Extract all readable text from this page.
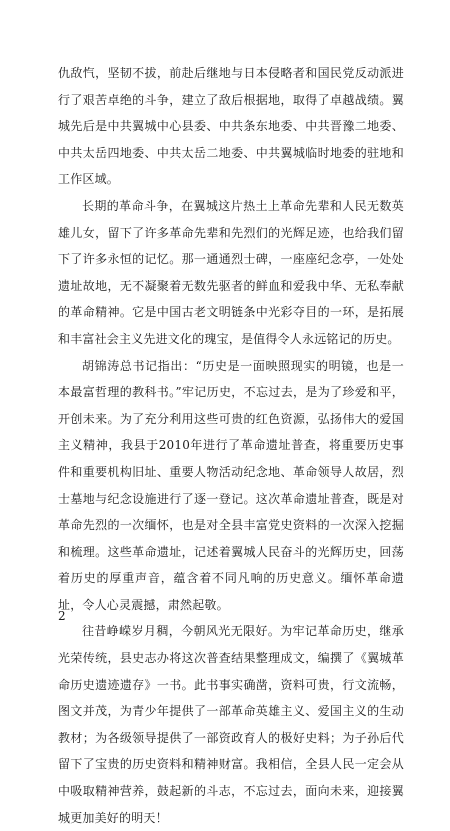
仇敌忾，坚韧不拔，前赴后继地与日本侵略者和国民党反动派进行了艰苦卓绝的斗争，建立了敌后根据地，取得了卓越战绩。翼城先后是中共翼城中心县委、中共条东地委、中共晋豫二地委、中共太岳四地委、中共太岳二地委、中共翼城临时地委的驻地和工作区域。

长期的革命斗争，在翼城这片热土上革命先辈和人民无数英雄儿女，留下了许多革命先辈和先烈们的光辉足迹，也给我们留下了许多永恒的记忆。那一通通烈士碑，一座座纪念亭，一处处遗址故地，无不凝聚着无数先驱者的鲜血和爱我中华、无私奉献的革命精神。它是中国古老文明链条中光彩夺目的一环，是拓展和丰富社会主义先进文化的瑰宝，是值得令人永远铭记的历史。

胡锦涛总书记指出：“历史是一面映照现实的明镜，也是一本最富哲理的教科书。”牢记历史，不忘过去，是为了珍爱和平，开创未来。为了充分利用这些可贵的红色资源，弘扬伟大的爱国主义精神，我县于2010年进行了革命遗址普查，将重要历史事件和重要机构旧址、重要人物活动纪念地、革命领导人故居，烈士墓地与纪念设施进行了逐一登记。这次革命遗址普查，既是对革命先烈的一次缅怀，也是对全县丰富党史资料的一次深入挖掘和梳理。这些革命遗址，记述着翼城人民奋斗的光辉历史，回荡着历史的厚重声音，蕴含着不同凡响的历史意义。缅怀革命遗址，令人心灵震撼，肃然起敬。

往昔峥嵘岁月稠，今朝风光无限好。为牢记革命历史，继承光荣传统，县史志办将这次普查结果整理成文，编撰了《翼城革命历史遗迹遗存》一书。此书事实确凿，资料可贵，行文流畅，图文并茂，为青少年提供了一部革命英雄主义、爱国主义的生动教材；为各级领导提供了一部资政育人的极好史料；为子孙后代留下了宝贵的历史资料和精神财富。我相信，全县人民一定会从中吸取精神营养，鼓起新的斗志，不忘过去，面向未来，迎接翼城更加美好的明天！

2
